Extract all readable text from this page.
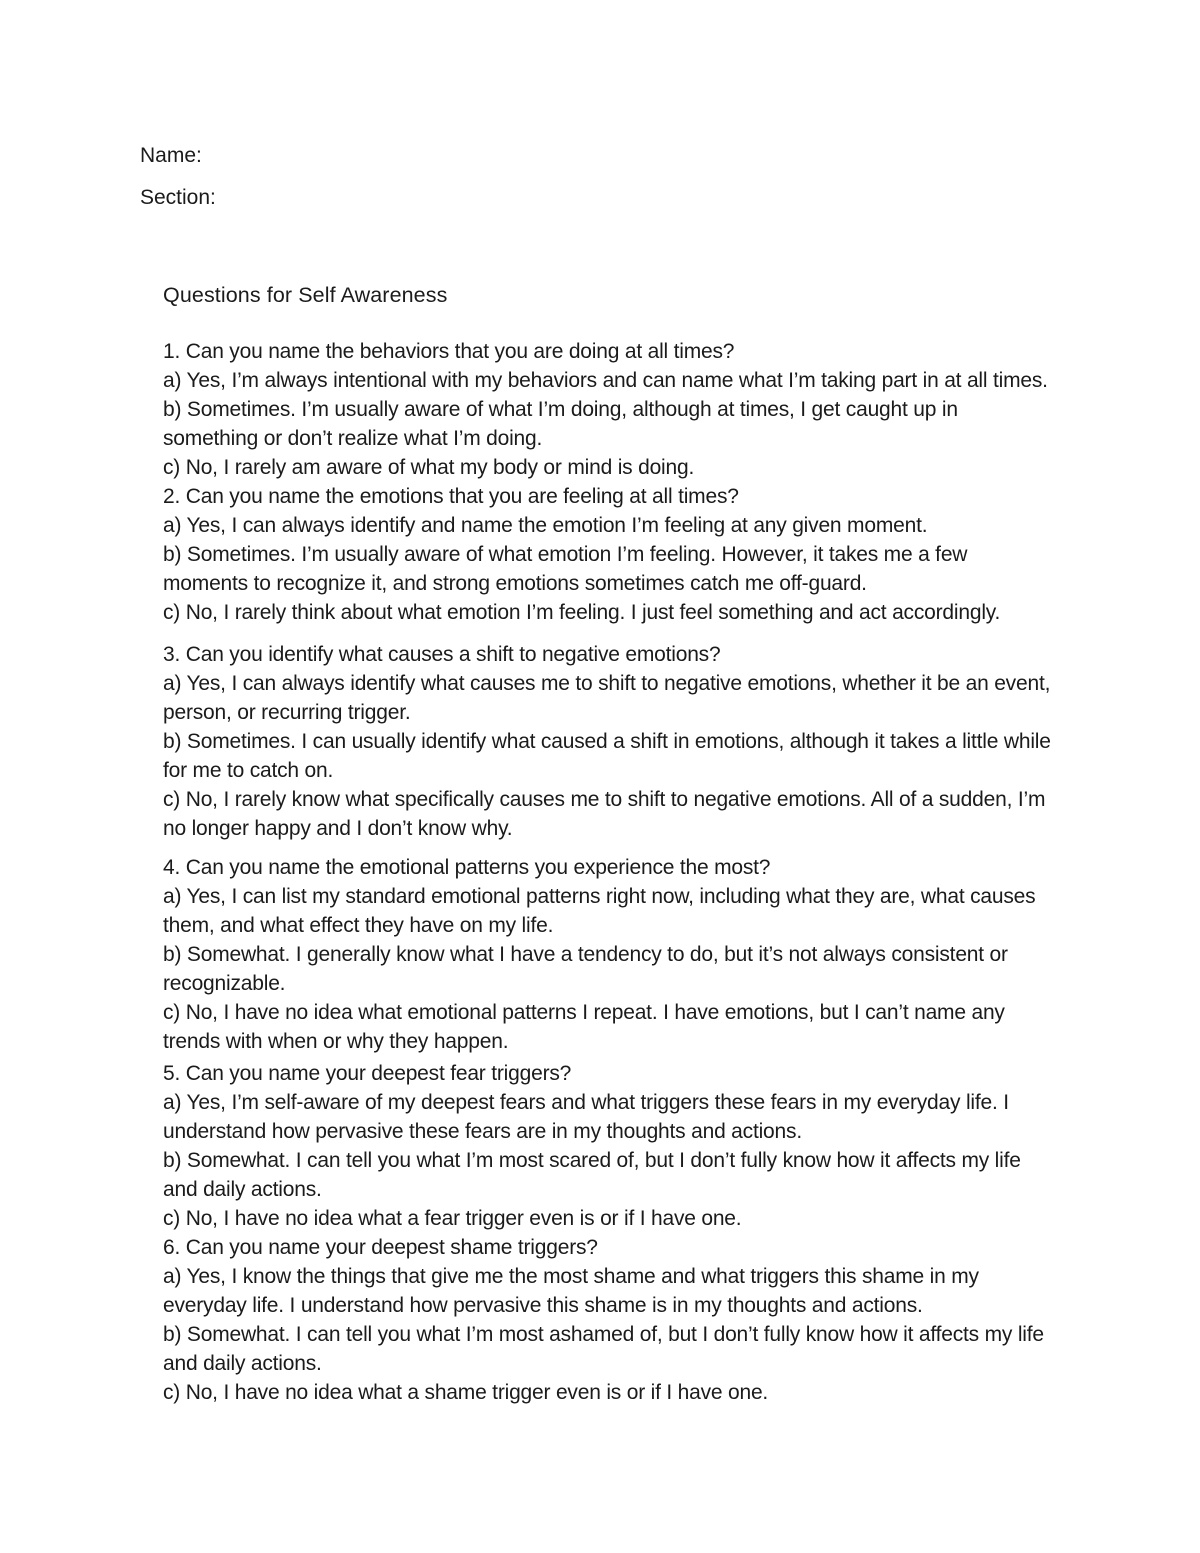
Name:

Section:

Questions for Self Awareness

1. Can you name the behaviors that you are doing at all times?

a) Yes, I’m always intentional with my behaviors and can name what I’m taking part in at all times.

b) Sometimes. I’m usually aware of what I’m doing, although at times, I get caught up in something or don’t realize what I’m doing.

c) No, I rarely am aware of what my body or mind is doing.

2. Can you name the emotions that you are feeling at all times?

a) Yes, I can always identify and name the emotion I’m feeling at any given moment.

b) Sometimes. I’m usually aware of what emotion I’m feeling. However, it takes me a few moments to recognize it, and strong emotions sometimes catch me off-guard.

c) No, I rarely think about what emotion I’m feeling. I just feel something and act accordingly.

3. Can you identify what causes a shift to negative emotions?

a) Yes, I can always identify what causes me to shift to negative emotions, whether it be an event, person, or recurring trigger.

b) Sometimes. I can usually identify what caused a shift in emotions, although it takes a little while for me to catch on.

c) No, I rarely know what specifically causes me to shift to negative emotions. All of a sudden, I’m no longer happy and I don’t know why.

4. Can you name the emotional patterns you experience the most?

a) Yes, I can list my standard emotional patterns right now, including what they are, what causes them, and what effect they have on my life.

b) Somewhat. I generally know what I have a tendency to do, but it’s not always consistent or recognizable.

c) No, I have no idea what emotional patterns I repeat. I have emotions, but I can’t name any trends with when or why they happen.

5. Can you name your deepest fear triggers?

a) Yes, I’m self-aware of my deepest fears and what triggers these fears in my everyday life. I understand how pervasive these fears are in my thoughts and actions.

b) Somewhat. I can tell you what I’m most scared of, but I don’t fully know how it affects my life and daily actions.

c) No, I have no idea what a fear trigger even is or if I have one.

6. Can you name your deepest shame triggers?

a) Yes, I know the things that give me the most shame and what triggers this shame in my everyday life. I understand how pervasive this shame is in my thoughts and actions.

b) Somewhat. I can tell you what I’m most ashamed of, but I don’t fully know how it affects my life and daily actions.

c) No, I have no idea what a shame trigger even is or if I have one.
